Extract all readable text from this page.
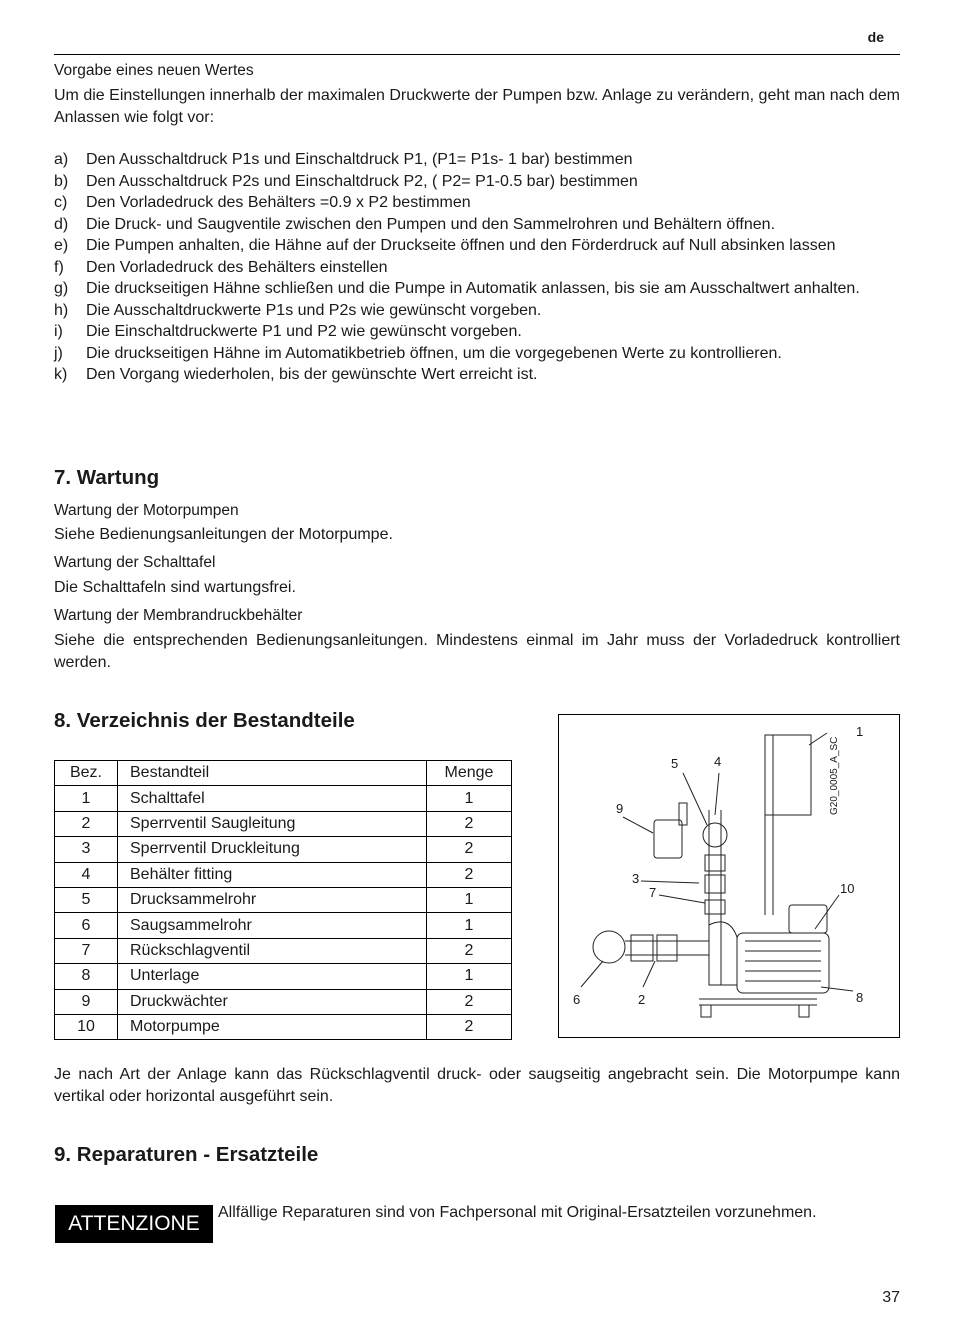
de
Vorgabe eines neuen Wertes
Um die Einstellungen innerhalb der maximalen Druckwerte der Pumpen bzw. Anlage zu verändern, geht man nach dem Anlassen wie folgt vor:
a)	Den Ausschaltdruck P1s und Einschaltdruck P1, (P1= P1s- 1 bar) bestimmen
b)	Den Ausschaltdruck P2s und Einschaltdruck P2, ( P2= P1-0.5 bar) bestimmen
c)	Den Vorladedruck des Behälters =0.9 x P2 bestimmen
d)	Die Druck- und Saugventile zwischen den Pumpen und den Sammelrohren und Behältern öffnen.
e)	Die Pumpen anhalten, die Hähne auf der Druckseite öffnen und den Förderdruck auf Null absinken lassen
f)	Den Vorladedruck des Behälters einstellen
g)	Die druckseitigen Hähne schließen und die Pumpe in Automatik anlassen, bis sie am Ausschaltwert anhalten.
h)	Die Ausschaltdruckwerte P1s und P2s wie gewünscht vorgeben.
i)	Die Einschaltdruckwerte P1 und P2 wie gewünscht vorgeben.
j)	Die druckseitigen Hähne im Automatikbetrieb öffnen, um die vorgegebenen Werte zu kontrollieren.
k)	Den Vorgang wiederholen, bis der gewünschte Wert erreicht ist.
7. Wartung
Wartung der Motorpumpen
Siehe Bedienungsanleitungen der Motorpumpe.
Wartung der Schalttafel
Die Schalttafeln sind wartungsfrei.
Wartung der Membrandruckbehälter
Siehe die entsprechenden Bedienungsanleitungen. Mindestens einmal im Jahr muss der Vorladedruck kontrolliert werden.
8. Verzeichnis der Bestandteile
Bez.	Bestandteil	Menge
1	Schalttafel	1
2	Sperrventil Saugleitung	2
3	Sperrventil Druckleitung	2
4	Behälter fitting	2
5	Drucksammelrohr	1
6	Saugsammelrohr	1
7	Rückschlagventil	2
8	Unterlage	1
9	Druckwächter	2
10	Motorpumpe	2
1
5	4
9
3
7	10
6	2	8
G20_0005_A_SC
Je nach Art der Anlage kann das Rückschlagventil druck- oder saugseitig angebracht sein. Die Motorpumpe kann vertikal oder horizontal ausgeführt sein.
9. Reparaturen - Ersatzteile
ATTENZIONE	Allfällige Reparaturen sind von Fachpersonal mit Original-Ersatzteilen vorzunehmen.
37
